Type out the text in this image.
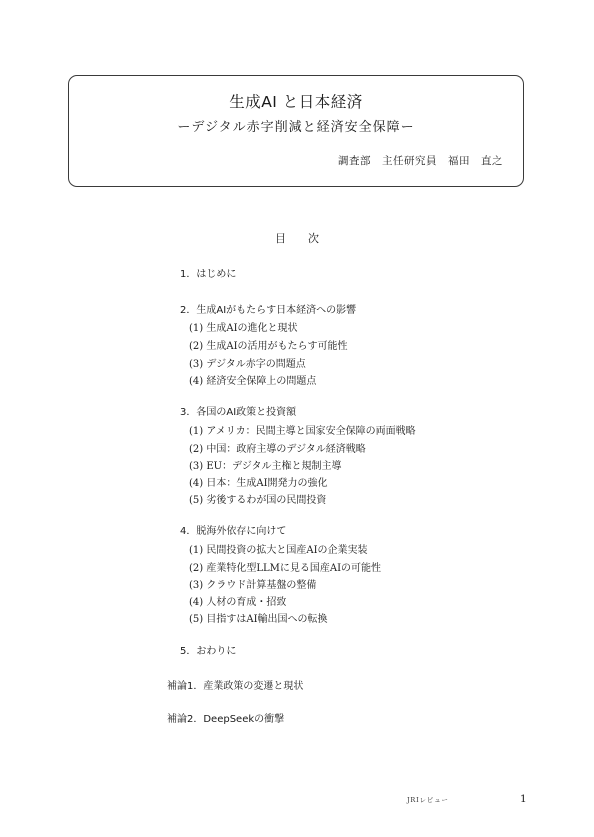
生成AI と日本経済
ーデジタル赤字削減と経済安全保障ー
調査部　主任研究員　福田　直之
目　　次
1．はじめに
2．生成AIがもたらす日本経済への影響
(1) 生成AIの進化と現状
(2) 生成AIの活用がもたらす可能性
(3) デジタル赤字の問題点
(4) 経済安全保障上の問題点
3．各国のAI政策と投資額
(1) アメリカ：民間主導と国家安全保障の両面戦略
(2) 中国：政府主導のデジタル経済戦略
(3) EU：デジタル主権と規制主導
(4) 日本：生成AI開発力の強化
(5) 劣後するわが国の民間投資
4．脱海外依存に向けて
(1) 民間投資の拡大と国産AIの企業実装
(2) 産業特化型LLMに見る国産AIの可能性
(3) クラウド計算基盤の整備
(4) 人材の育成・招致
(5) 目指すはAI輸出国への転換
5．おわりに
補論1．産業政策の変遷と現状
補論2．DeepSeekの衝撃
JRIレビュー	1
